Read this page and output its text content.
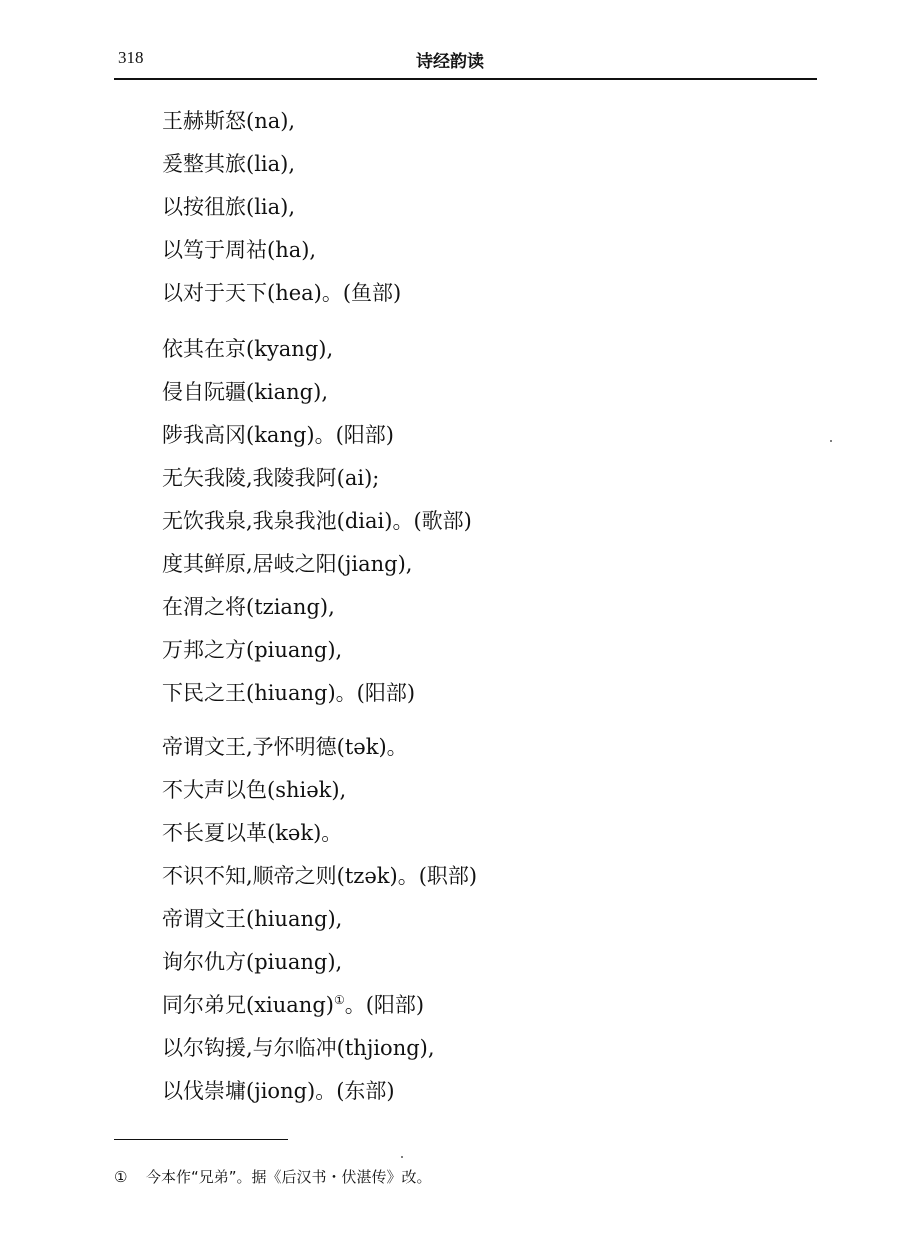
318	诗经韵读
王赫斯怒(na),
爰整其旅(lia),
以按徂旅(lia),
以笃于周祜(ha),
以对于天下(hea)。(鱼部)
依其在京(kyang),
侵自阮疆(kiang),
陟我高冈(kang)。(阳部)
无矢我陵,我陵我阿(ai);
无饮我泉,我泉我池(diai)。(歌部)
度其鲜原,居岐之阳(jiang),
在渭之将(tziang),
万邦之方(piuang),
下民之王(hiuang)。(阳部)
帝谓文王,予怀明德(tək)。
不大声以色(shiək),
不长夏以革(kək)。
不识不知,顺帝之则(tzək)。(职部)
帝谓文王(hiuang),
询尔仇方(piuang),
同尔弟兄(xiuang)①。(阳部)
以尔钩援,与尔临冲(thjiong),
以伐崇墉(jiong)。(东部)
① 今本作“兄弟”。据《后汉书・伏湛传》改。
